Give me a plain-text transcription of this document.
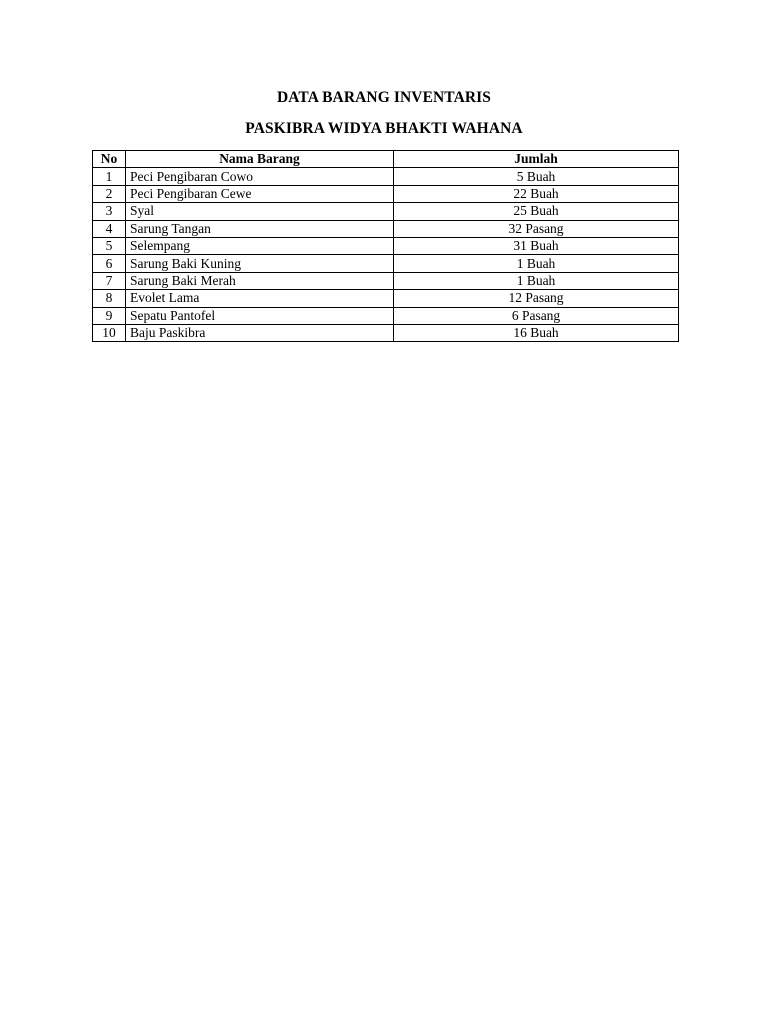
DATA BARANG INVENTARIS
PASKIBRA WIDYA BHAKTI WAHANA
No	Nama Barang	Jumlah
1	Peci Pengibaran Cowo	5 Buah
2	Peci Pengibaran Cewe	22 Buah
3	Syal	25 Buah
4	Sarung Tangan	32 Pasang
5	Selempang	31 Buah
6	Sarung Baki Kuning	1 Buah
7	Sarung Baki Merah	1 Buah
8	Evolet Lama	12 Pasang
9	Sepatu Pantofel	6 Pasang
10	Baju Paskibra	16 Buah
